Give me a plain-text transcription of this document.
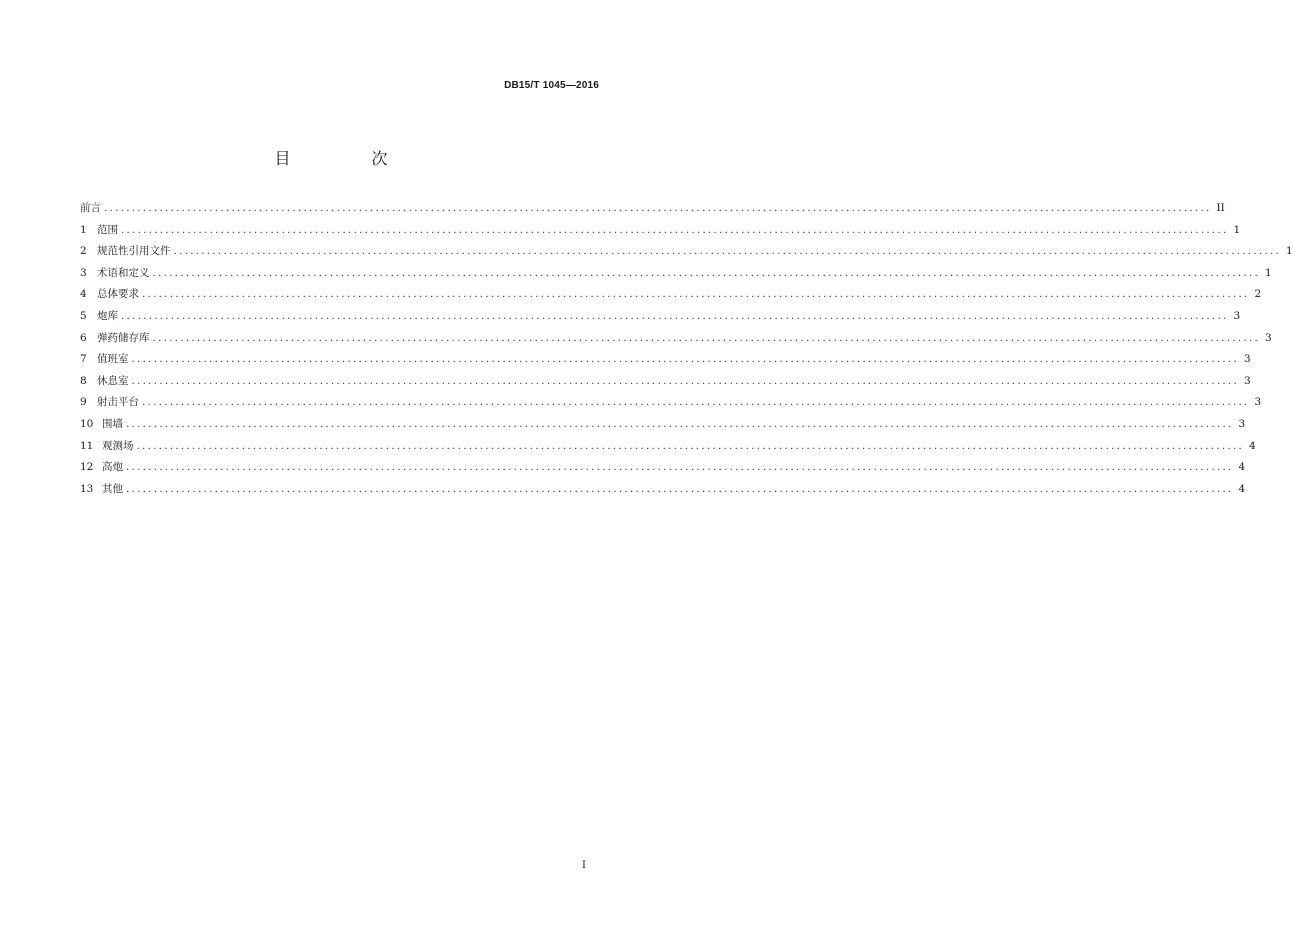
DB15/T 1045—2016
目 次
前言 ........................................................................................................................................................................................................ II
1 范围 ........................................................................................................................................................................................................ 1
2 规范性引用文件 ........................................................................................................................................................................................................ 1
3 术语和定义 ........................................................................................................................................................................................................ 1
4 总体要求 ........................................................................................................................................................................................................ 2
5 炮库 ........................................................................................................................................................................................................ 3
6 弹药储存库 ........................................................................................................................................................................................................ 3
7 值班室 ........................................................................................................................................................................................................ 3
8 休息室 ........................................................................................................................................................................................................ 3
9 射击平台 ........................................................................................................................................................................................................ 3
10 围墙 ........................................................................................................................................................................................................ 3
11 观测场 ........................................................................................................................................................................................................ 4
12 高炮 ........................................................................................................................................................................................................ 4
13 其他 ........................................................................................................................................................................................................ 4
I
